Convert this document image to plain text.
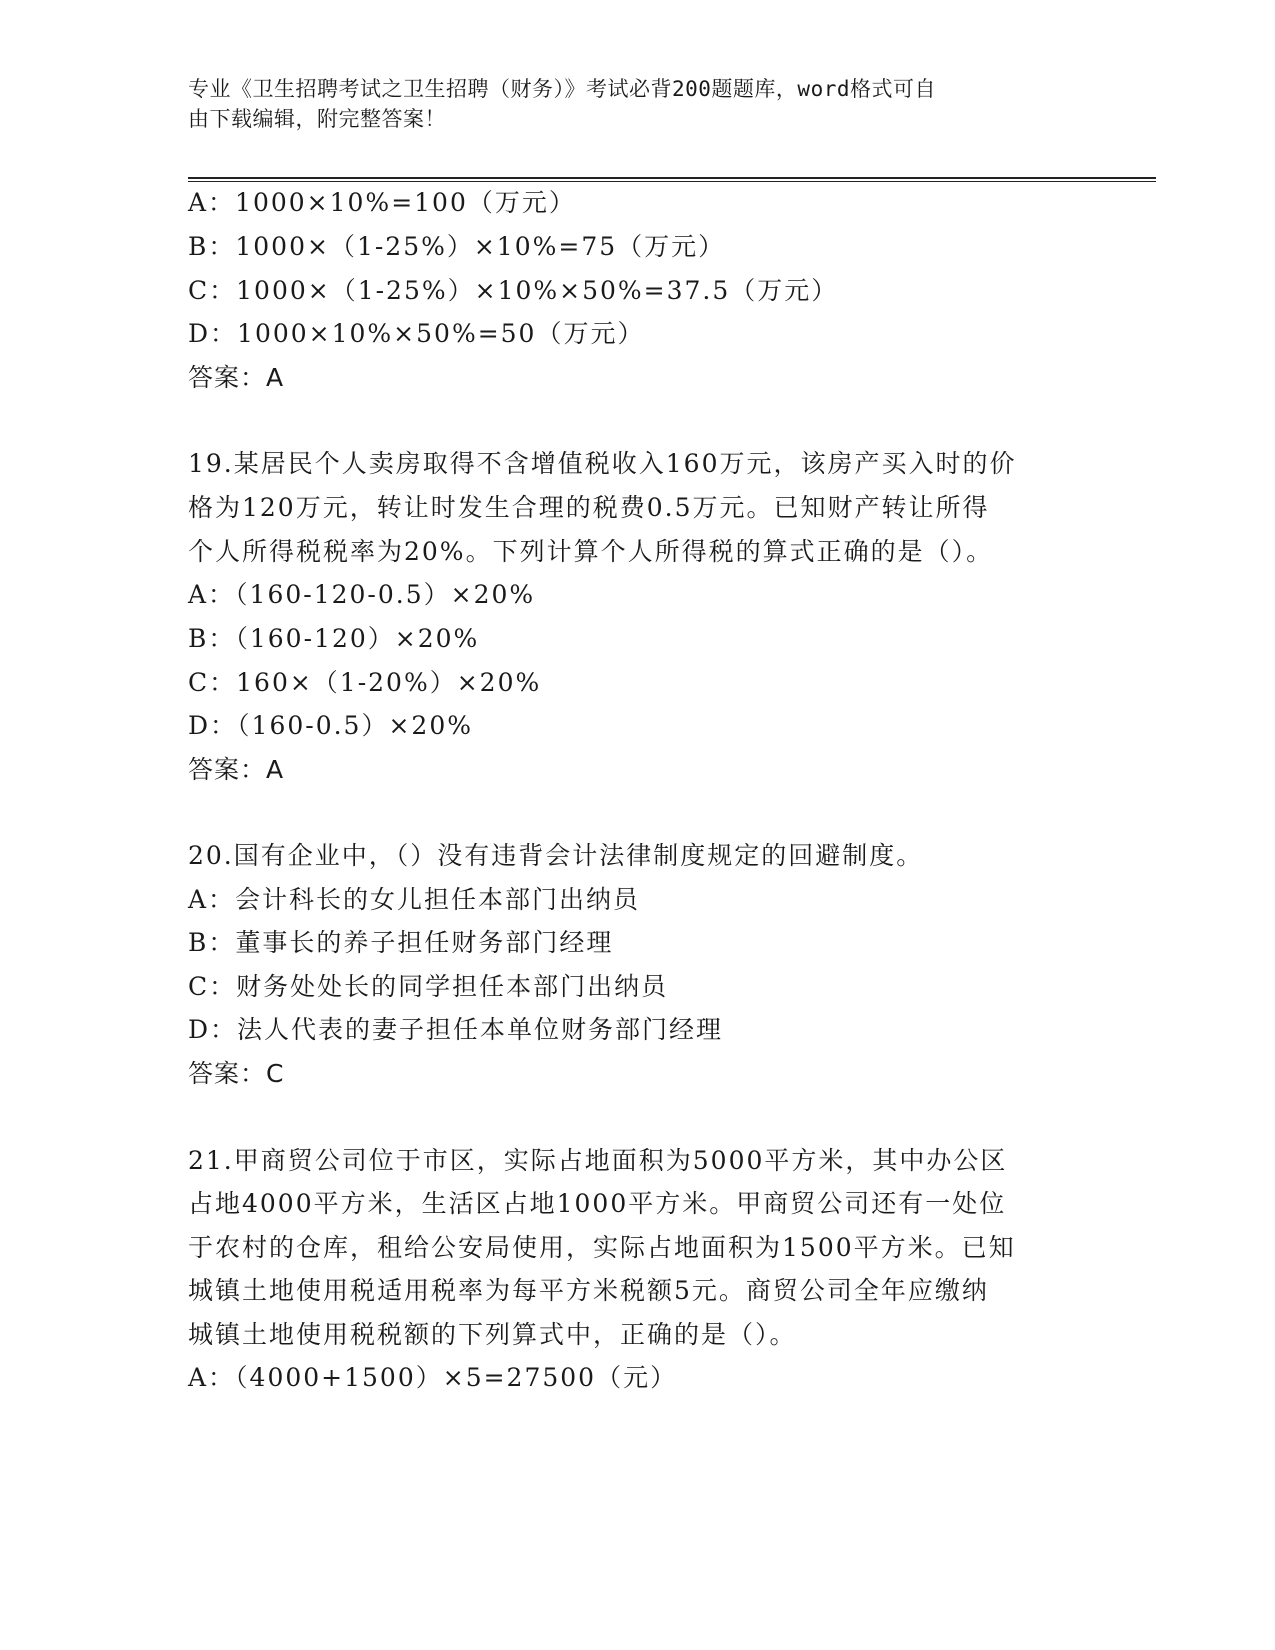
专业《卫生招聘考试之卫生招聘（财务）》考试必背200题题库，word格式可自
由下载编辑，附完整答案！
A：1000×10%=100（万元）
B：1000×（1-25%）×10%=75（万元）
C：1000×（1-25%）×10%×50%=37.5（万元）
D：1000×10%×50%=50（万元）
答案：A
19.某居民个人卖房取得不含增值税收入160万元，该房产买入时的价
格为120万元，转让时发生合理的税费0.5万元。已知财产转让所得
个人所得税税率为20%。下列计算个人所得税的算式正确的是（）。
A：（160-120-0.5）×20%
B：（160-120）×20%
C：160×（1-20%）×20%
D：（160-0.5）×20%
答案：A
20.国有企业中，（）没有违背会计法律制度规定的回避制度。
A：会计科长的女儿担任本部门出纳员
B：董事长的养子担任财务部门经理
C：财务处处长的同学担任本部门出纳员
D：法人代表的妻子担任本单位财务部门经理
答案：C
21.甲商贸公司位于市区，实际占地面积为5000平方米，其中办公区
占地4000平方米，生活区占地1000平方米。甲商贸公司还有一处位
于农村的仓库，租给公安局使用，实际占地面积为1500平方米。已知
城镇土地使用税适用税率为每平方米税额5元。商贸公司全年应缴纳
城镇土地使用税税额的下列算式中，正确的是（）。
A：（4000+1500）×5=27500（元）
